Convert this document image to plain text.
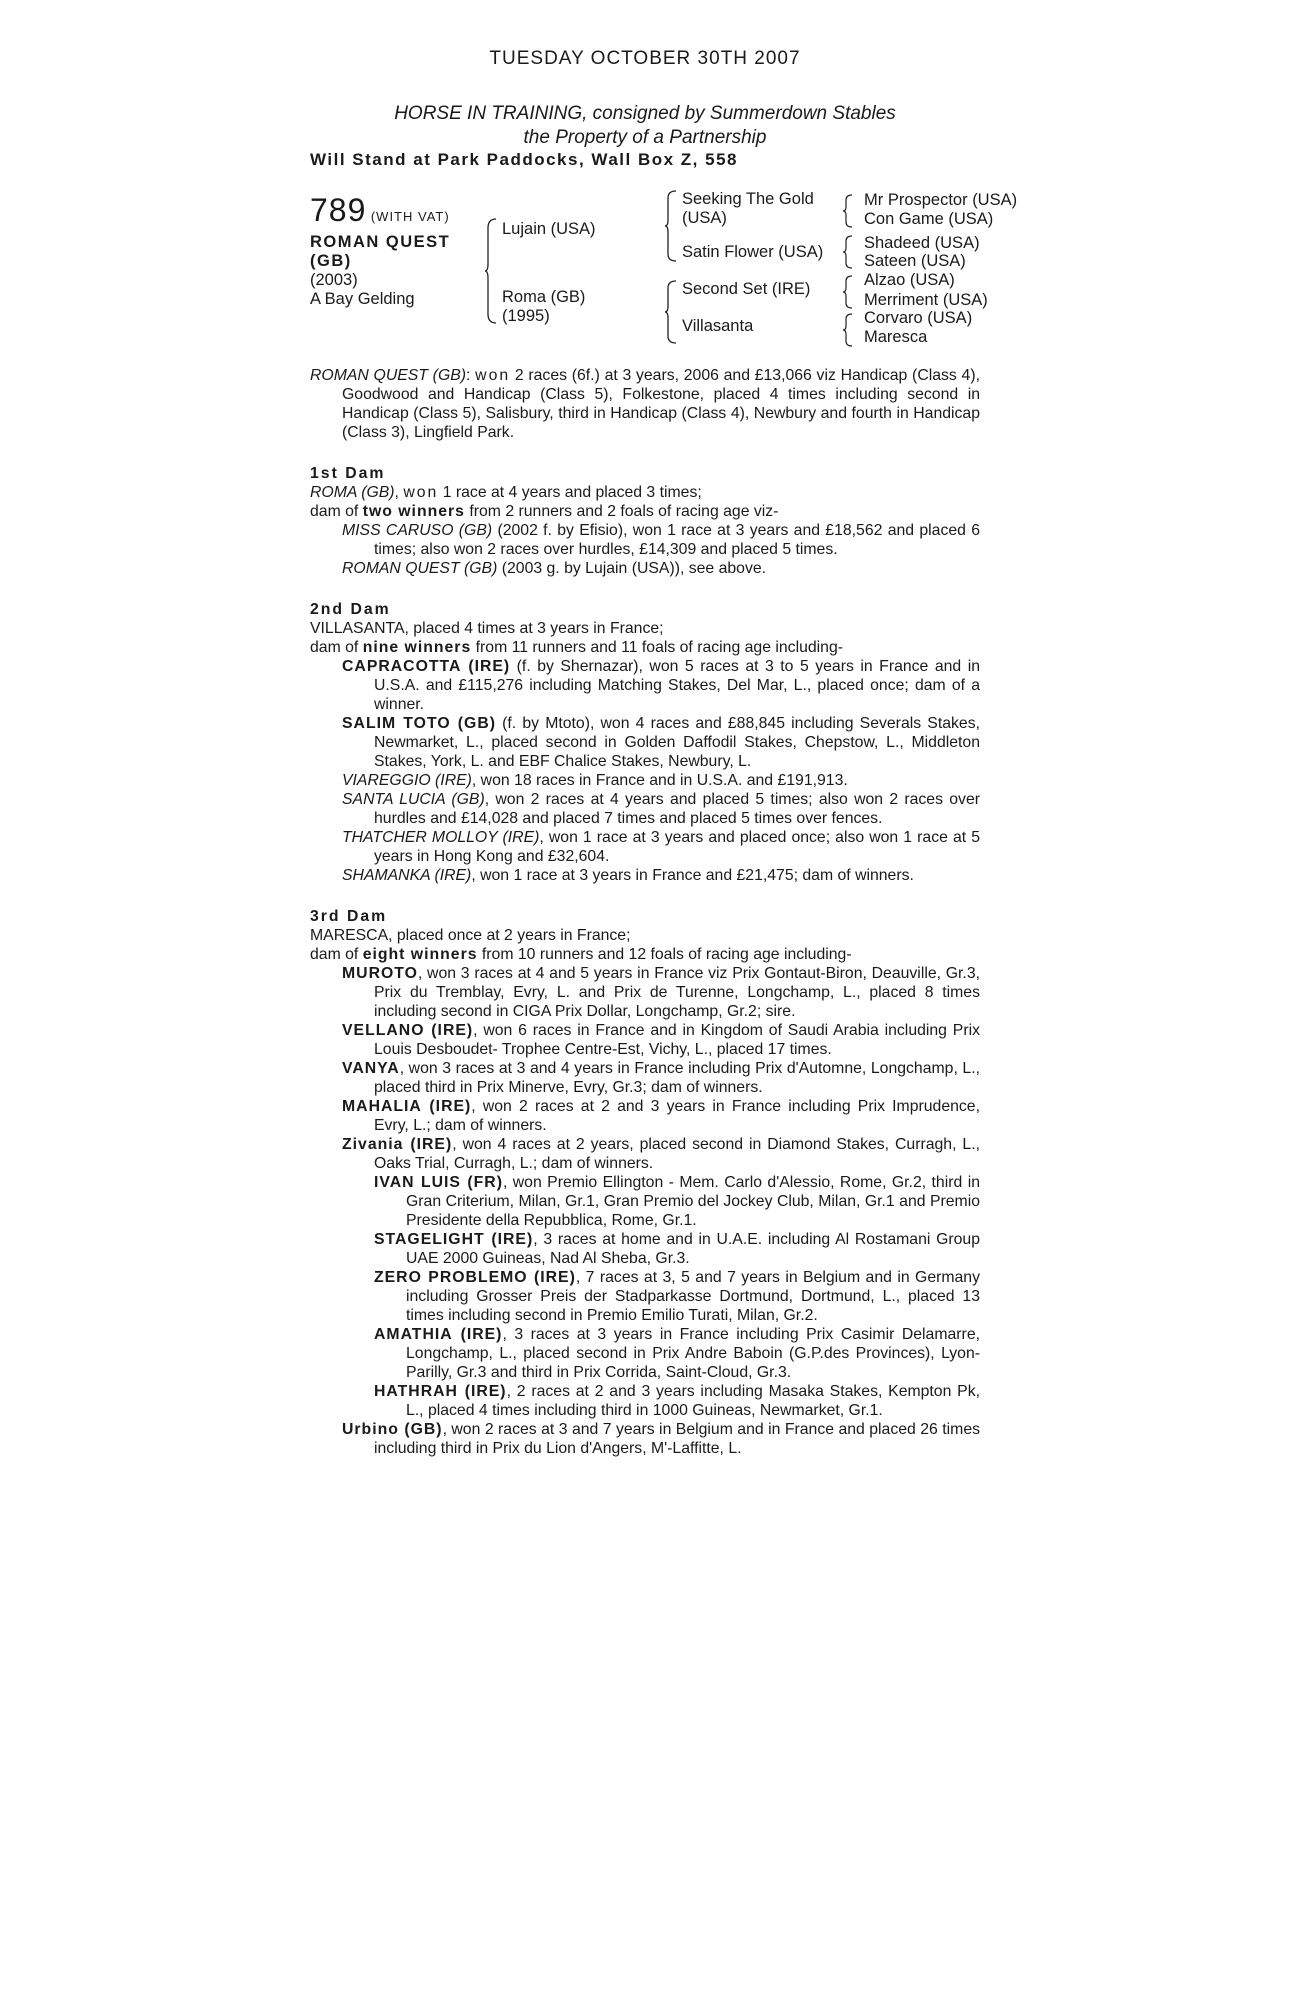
TUESDAY OCTOBER 30TH 2007
HORSE IN TRAINING, consigned by Summerdown Stables
the Property of a Partnership
Will Stand at Park Paddocks, Wall Box Z, 558
789 (WITH VAT)
ROMAN QUEST
(GB)
(2003)
A Bay Gelding
Lujain (USA)
Roma (GB)
(1995)
Seeking The Gold
(USA)
Satin Flower (USA)
Second Set (IRE)
Villasanta
Mr Prospector (USA)
Con Game (USA)
Shadeed (USA)
Sateen (USA)
Alzao (USA)
Merriment (USA)
Corvaro (USA)
Maresca

ROMAN QUEST (GB): won 2 races (6f.) at 3 years, 2006 and £13,066 viz Handicap (Class 4), Goodwood and Handicap (Class 5), Folkestone, placed 4 times including second in Handicap (Class 5), Salisbury, third in Handicap (Class 4), Newbury and fourth in Handicap (Class 3), Lingfield Park.

1st Dam

ROMA (GB), won 1 race at 4 years and placed 3 times;

dam of two winners from 2 runners and 2 foals of racing age viz-

MISS CARUSO (GB) (2002 f. by Efisio), won 1 race at 3 years and £18,562 and placed 6 times; also won 2 races over hurdles, £14,309 and placed 5 times.

ROMAN QUEST (GB) (2003 g. by Lujain (USA)), see above.

2nd Dam

VILLASANTA, placed 4 times at 3 years in France;

dam of nine winners from 11 runners and 11 foals of racing age including-

CAPRACOTTA (IRE) (f. by Shernazar), won 5 races at 3 to 5 years in France and in U.S.A. and £115,276 including Matching Stakes, Del Mar, L., placed once; dam of a winner.

SALIM TOTO (GB) (f. by Mtoto), won 4 races and £88,845 including Severals Stakes, Newmarket, L., placed second in Golden Daffodil Stakes, Chepstow, L., Middleton Stakes, York, L. and EBF Chalice Stakes, Newbury, L.

VIAREGGIO (IRE), won 18 races in France and in U.S.A. and £191,913.

SANTA LUCIA (GB), won 2 races at 4 years and placed 5 times; also won 2 races over hurdles and £14,028 and placed 7 times and placed 5 times over fences.

THATCHER MOLLOY (IRE), won 1 race at 3 years and placed once; also won 1 race at 5 years in Hong Kong and £32,604.

SHAMANKA (IRE), won 1 race at 3 years in France and £21,475; dam of winners.

3rd Dam

MARESCA, placed once at 2 years in France;

dam of eight winners from 10 runners and 12 foals of racing age including-

MUROTO, won 3 races at 4 and 5 years in France viz Prix Gontaut-Biron, Deauville, Gr.3, Prix du Tremblay, Evry, L. and Prix de Turenne, Longchamp, L., placed 8 times including second in CIGA Prix Dollar, Longchamp, Gr.2; sire.

VELLANO (IRE), won 6 races in France and in Kingdom of Saudi Arabia including Prix Louis Desboudet- Trophee Centre-Est, Vichy, L., placed 17 times.

VANYA, won 3 races at 3 and 4 years in France including Prix d'Automne, Longchamp, L., placed third in Prix Minerve, Evry, Gr.3; dam of winners.

MAHALIA (IRE), won 2 races at 2 and 3 years in France including Prix Imprudence, Evry, L.; dam of winners.

Zivania (IRE), won 4 races at 2 years, placed second in Diamond Stakes, Curragh, L., Oaks Trial, Curragh, L.; dam of winners.

IVAN LUIS (FR), won Premio Ellington - Mem. Carlo d'Alessio, Rome, Gr.2, third in Gran Criterium, Milan, Gr.1, Gran Premio del Jockey Club, Milan, Gr.1 and Premio Presidente della Repubblica, Rome, Gr.1.

STAGELIGHT (IRE), 3 races at home and in U.A.E. including Al Rostamani Group UAE 2000 Guineas, Nad Al Sheba, Gr.3.

ZERO PROBLEMO (IRE), 7 races at 3, 5 and 7 years in Belgium and in Germany including Grosser Preis der Stadparkasse Dortmund, Dortmund, L., placed 13 times including second in Premio Emilio Turati, Milan, Gr.2.

AMATHIA (IRE), 3 races at 3 years in France including Prix Casimir Delamarre, Longchamp, L., placed second in Prix Andre Baboin (G.P.des Provinces), Lyon-Parilly, Gr.3 and third in Prix Corrida, Saint-Cloud, Gr.3.

HATHRAH (IRE), 2 races at 2 and 3 years including Masaka Stakes, Kempton Pk, L., placed 4 times including third in 1000 Guineas, Newmarket, Gr.1.

Urbino (GB), won 2 races at 3 and 7 years in Belgium and in France and placed 26 times including third in Prix du Lion d'Angers, M'-Laffitte, L.
